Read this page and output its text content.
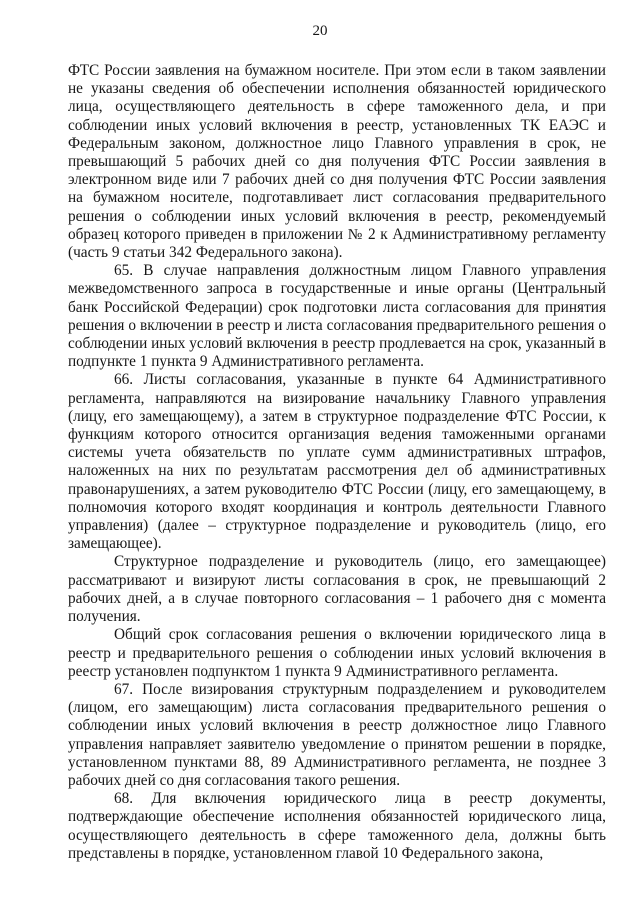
20

ФТС России заявления на бумажном носителе. При этом если в таком заявлении не указаны сведения об обеспечении исполнения обязанностей юридического лица, осуществляющего деятельность в сфере таможенного дела, и при соблюдении иных условий включения в реестр, установленных ТК ЕАЭС и Федеральным законом, должностное лицо Главного управления в срок, не превышающий 5 рабочих дней со дня получения ФТС России заявления в электронном виде или 7 рабочих дней со дня получения ФТС России заявления на бумажном носителе, подготавливает лист согласования предварительного решения о соблюдении иных условий включения в реестр, рекомендуемый образец которого приведен в приложении № 2 к Административному регламенту (часть 9 статьи 342 Федерального закона).

65. В случае направления должностным лицом Главного управления межведомственного запроса в государственные и иные органы (Центральный банк Российской Федерации) срок подготовки листа согласования для принятия решения о включении в реестр и листа согласования предварительного решения о соблюдении иных условий включения в реестр продлевается на срок, указанный в подпункте 1 пункта 9 Административного регламента.

66. Листы согласования, указанные в пункте 64 Административного регламента, направляются на визирование начальнику Главного управления (лицу, его замещающему), а затем в структурное подразделение ФТС России, к функциям которого относится организация ведения таможенными органами системы учета обязательств по уплате сумм административных штрафов, наложенных на них по результатам рассмотрения дел об административных правонарушениях, а затем руководителю ФТС России (лицу, его замещающему, в полномочия которого входят координация и контроль деятельности Главного управления) (далее – структурное подразделение и руководитель (лицо, его замещающее).

Структурное подразделение и руководитель (лицо, его замещающее) рассматривают и визируют листы согласования в срок, не превышающий 2 рабочих дней, а в случае повторного согласования – 1 рабочего дня с момента получения.

Общий срок согласования решения о включении юридического лица в реестр и предварительного решения о соблюдении иных условий включения в реестр установлен подпунктом 1 пункта 9 Административного регламента.

67. После визирования структурным подразделением и руководителем (лицом, его замещающим) листа согласования предварительного решения о соблюдении иных условий включения в реестр должностное лицо Главного управления направляет заявителю уведомление о принятом решении в порядке, установленном пунктами 88, 89 Административного регламента, не позднее 3 рабочих дней со дня согласования такого решения.

68. Для включения юридического лица в реестр документы, подтверждающие обеспечение исполнения обязанностей юридического лица, осуществляющего деятельность в сфере таможенного дела, должны быть представлены в порядке, установленном главой 10 Федерального закона,
